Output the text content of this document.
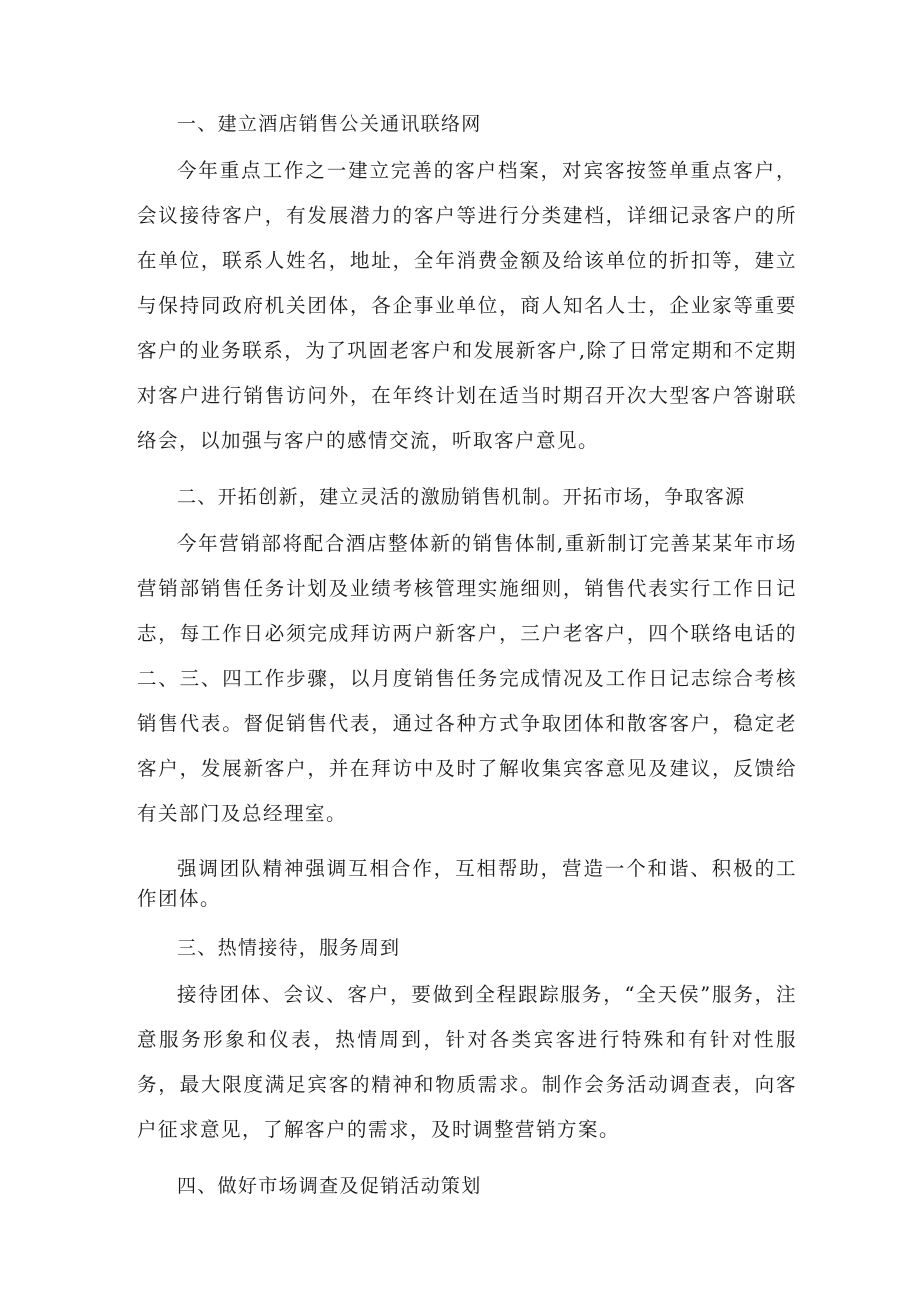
一、建立酒店销售公关通讯联络网

今年重点工作之一建立完善的客户档案，对宾客按签单重点客户，会议接待客户，有发展潜力的客户等进行分类建档，详细记录客户的所在单位，联系人姓名，地址，全年消费金额及给该单位的折扣等，建立与保持同政府机关团体，各企事业单位，商人知名人士，企业家等重要客户的业务联系，为了巩固老客户和发展新客户,除了日常定期和不定期对客户进行销售访问外，在年终计划在适当时期召开次大型客户答谢联络会，以加强与客户的感情交流，听取客户意见。

二、开拓创新，建立灵活的激励销售机制。开拓市场，争取客源

今年营销部将配合酒店整体新的销售体制,重新制订完善某某年市场营销部销售任务计划及业绩考核管理实施细则，销售代表实行工作日记志，每工作日必须完成拜访两户新客户，三户老客户，四个联络电话的二、三、四工作步骤，以月度销售任务完成情况及工作日记志综合考核销售代表。督促销售代表，通过各种方式争取团体和散客客户，稳定老客户，发展新客户，并在拜访中及时了解收集宾客意见及建议，反馈给有关部门及总经理室。

强调团队精神强调互相合作，互相帮助，营造一个和谐、积极的工作团体。

三、热情接待，服务周到

接待团体、会议、客户，要做到全程跟踪服务，“全天侯”服务，注意服务形象和仪表，热情周到，针对各类宾客进行特殊和有针对性服务，最大限度满足宾客的精神和物质需求。制作会务活动调查表，向客户征求意见，了解客户的需求，及时调整营销方案。

四、做好市场调查及促销活动策划
